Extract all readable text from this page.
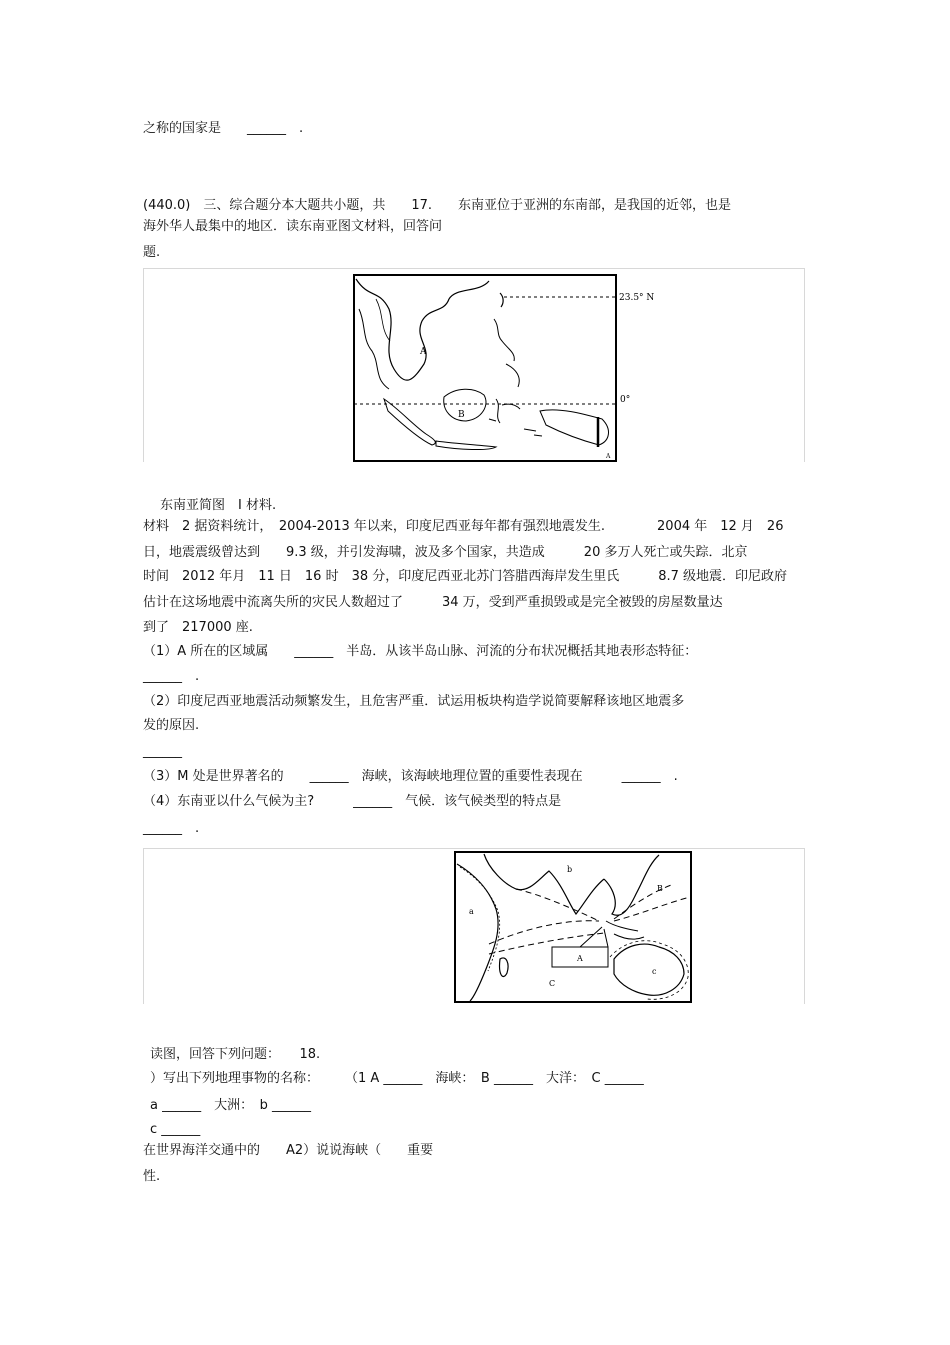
之称的国家是　　______　.
(440.0)　三、综合题分本大题共小题，共　　17.　　东南亚位于亚洲的东南部，是我国的近邻，也是
海外华人最集中的地区．读东南亚图文材料，回答问
题.
23.5° N
0°
A
B
A
东南亚简图　Ⅰ 材料.
材料　2 据资料统计，　2004-2013 年以来，印度尼西亚每年都有强烈地震发生.　　　　2004 年　12 月　26
日，地震震级曾达到　　9.3 级，并引发海啸，波及多个国家，共造成　　　20 多万人死亡或失踪．北京
时间　2012 年月　11 日　16 时　38 分，印度尼西亚北苏门答腊西海岸发生里氏　　　8.7 级地震．印尼政府
估计在这场地震中流离失所的灾民人数超过了　　　34 万，受到严重损毁或是完全被毁的房屋数量达
到了　217000 座.
（1）A 所在的区域属　　______　半岛．从该半岛山脉、河流的分布状况概括其地表形态特征：
______　.
（2）印度尼西亚地震活动频繁发生，且危害严重．试运用板块构造学说简要解释该地区地震多
发的原因.
______
（3）M 处是世界著名的　　______　海峡，该海峡地理位置的重要性表现在　　　______　.
（4）东南亚以什么气候为主?　　　______　气候．该气候类型的特点是
______　.
A
a
b
B
c
C
读图，回答下列问题：　　18.
）写出下列地理事物的名称：　　　（1 A ______　海峡：　B ______　大洋：　C ______
a ______　大洲：　b ______
c ______
在世界海洋交通中的　　A2）说说海峡（　　重要
性.
